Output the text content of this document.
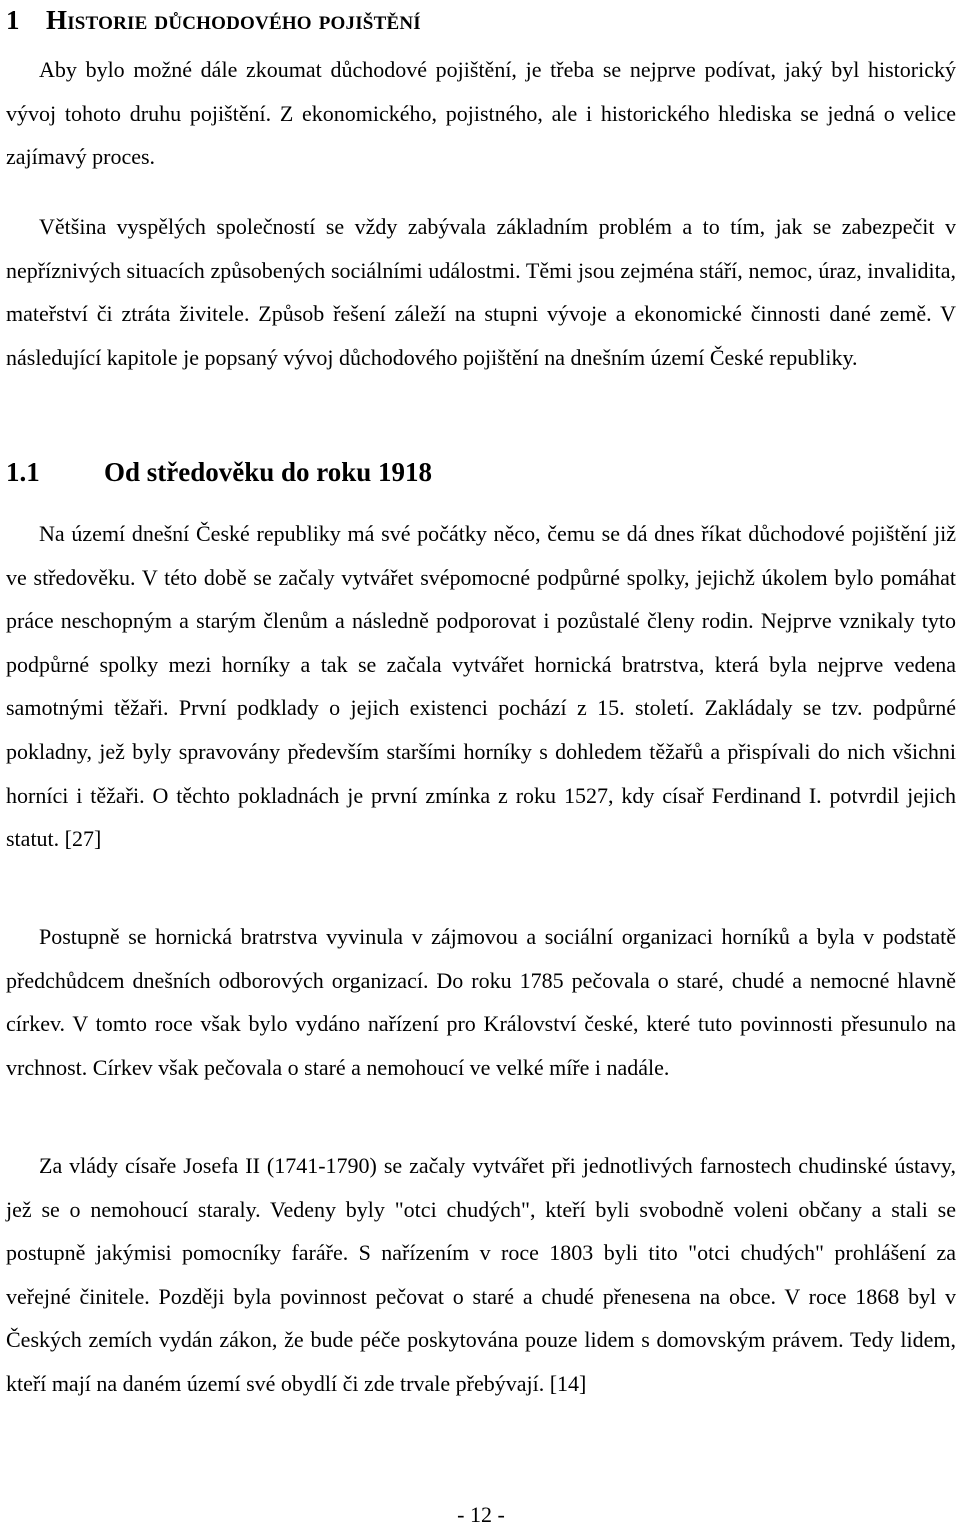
1 Historie důchodového pojištění

Aby bylo možné dále zkoumat důchodové pojištění, je třeba se nejprve podívat, jaký byl historický vývoj tohoto druhu pojištění. Z ekonomického, pojistného, ale i historického hlediska se jedná o velice zajímavý proces.

Většina vyspělých společností se vždy zabývala základním problém a to tím, jak se zabezpečit v nepříznivých situacích způsobených sociálními událostmi. Těmi jsou zejména stáří, nemoc, úraz, invalidita, mateřství či ztráta živitele. Způsob řešení záleží na stupni vývoje a ekonomické činnosti dané země. V následující kapitole je popsaný vývoj důchodového pojištění na dnešním území České republiky.

1.1 Od středověku do roku 1918

Na území dnešní České republiky má své počátky něco, čemu se dá dnes říkat důchodové pojištění již ve středověku. V této době se začaly vytvářet svépomocné podpůrné spolky, jejichž úkolem bylo pomáhat práce neschopným a starým členům a následně podporovat i pozůstalé členy rodin. Nejprve vznikaly tyto podpůrné spolky mezi horníky a tak se začala vytvářet hornická bratrstva, která byla nejprve vedena samotnými těžaři. První podklady o jejich existenci pochází z 15. století. Zakládaly se tzv. podpůrné pokladny, jež byly spravovány především staršími horníky s dohledem těžařů a přispívali do nich všichni horníci i těžaři. O těchto pokladnách je první zmínka z roku 1527, kdy císař Ferdinand I. potvrdil jejich statut. [27]

Postupně se hornická bratrstva vyvinula v zájmovou a sociální organizaci horníků a byla v podstatě předchůdcem dnešních odborových organizací. Do roku 1785 pečovala o staré, chudé a nemocné hlavně církev. V tomto roce však bylo vydáno nařízení pro Království české, které tuto povinnosti přesunulo na vrchnost. Církev však pečovala o staré a nemohoucí ve velké míře i nadále.

Za vlády císaře Josefa II (1741-1790) se začaly vytvářet při jednotlivých farnostech chudinské ústavy, jež se o nemohoucí staraly. Vedeny byly "otci chudých", kteří byli svobodně voleni občany a stali se postupně jakýmisi pomocníky faráře. S nařízením v roce 1803 byli tito "otci chudých" prohlášení za veřejné činitele. Později byla povinnost pečovat o staré a chudé přenesena na obce. V roce 1868 byl v Českých zemích vydán zákon, že bude péče poskytována pouze lidem s domovským právem. Tedy lidem, kteří mají na daném území své obydlí či zde trvale přebývají. [14]

- 12 -
